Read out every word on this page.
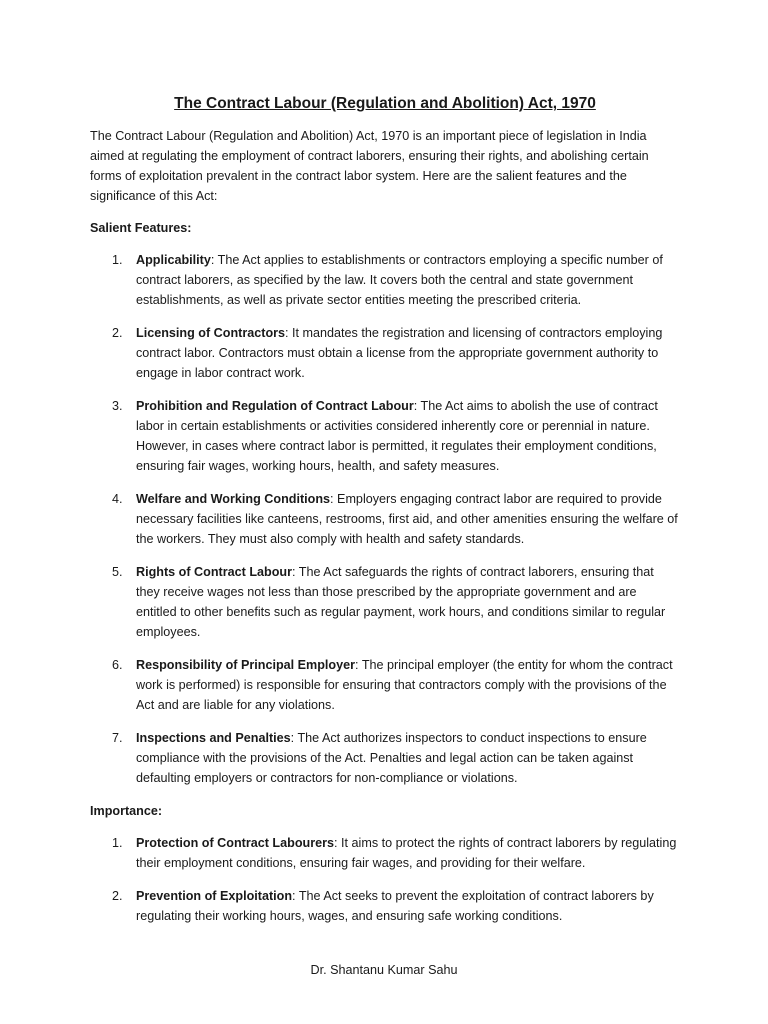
The Contract Labour (Regulation and Abolition) Act, 1970

The Contract Labour (Regulation and Abolition) Act, 1970 is an important piece of legislation in India aimed at regulating the employment of contract laborers, ensuring their rights, and abolishing certain forms of exploitation prevalent in the contract labor system. Here are the salient features and the significance of this Act:

Salient Features:
1. Applicability: The Act applies to establishments or contractors employing a specific number of contract laborers, as specified by the law. It covers both the central and state government establishments, as well as private sector entities meeting the prescribed criteria.
2. Licensing of Contractors: It mandates the registration and licensing of contractors employing contract labor. Contractors must obtain a license from the appropriate government authority to engage in labor contract work.
3. Prohibition and Regulation of Contract Labour: The Act aims to abolish the use of contract labor in certain establishments or activities considered inherently core or perennial in nature. However, in cases where contract labor is permitted, it regulates their employment conditions, ensuring fair wages, working hours, health, and safety measures.
4. Welfare and Working Conditions: Employers engaging contract labor are required to provide necessary facilities like canteens, restrooms, first aid, and other amenities ensuring the welfare of the workers. They must also comply with health and safety standards.
5. Rights of Contract Labour: The Act safeguards the rights of contract laborers, ensuring that they receive wages not less than those prescribed by the appropriate government and are entitled to other benefits such as regular payment, work hours, and conditions similar to regular employees.
6. Responsibility of Principal Employer: The principal employer (the entity for whom the contract work is performed) is responsible for ensuring that contractors comply with the provisions of the Act and are liable for any violations.
7. Inspections and Penalties: The Act authorizes inspectors to conduct inspections to ensure compliance with the provisions of the Act. Penalties and legal action can be taken against defaulting employers or contractors for non-compliance or violations.
Importance:
1. Protection of Contract Labourers: It aims to protect the rights of contract laborers by regulating their employment conditions, ensuring fair wages, and providing for their welfare.
2. Prevention of Exploitation: The Act seeks to prevent the exploitation of contract laborers by regulating their working hours, wages, and ensuring safe working conditions.
Dr. Shantanu Kumar Sahu
